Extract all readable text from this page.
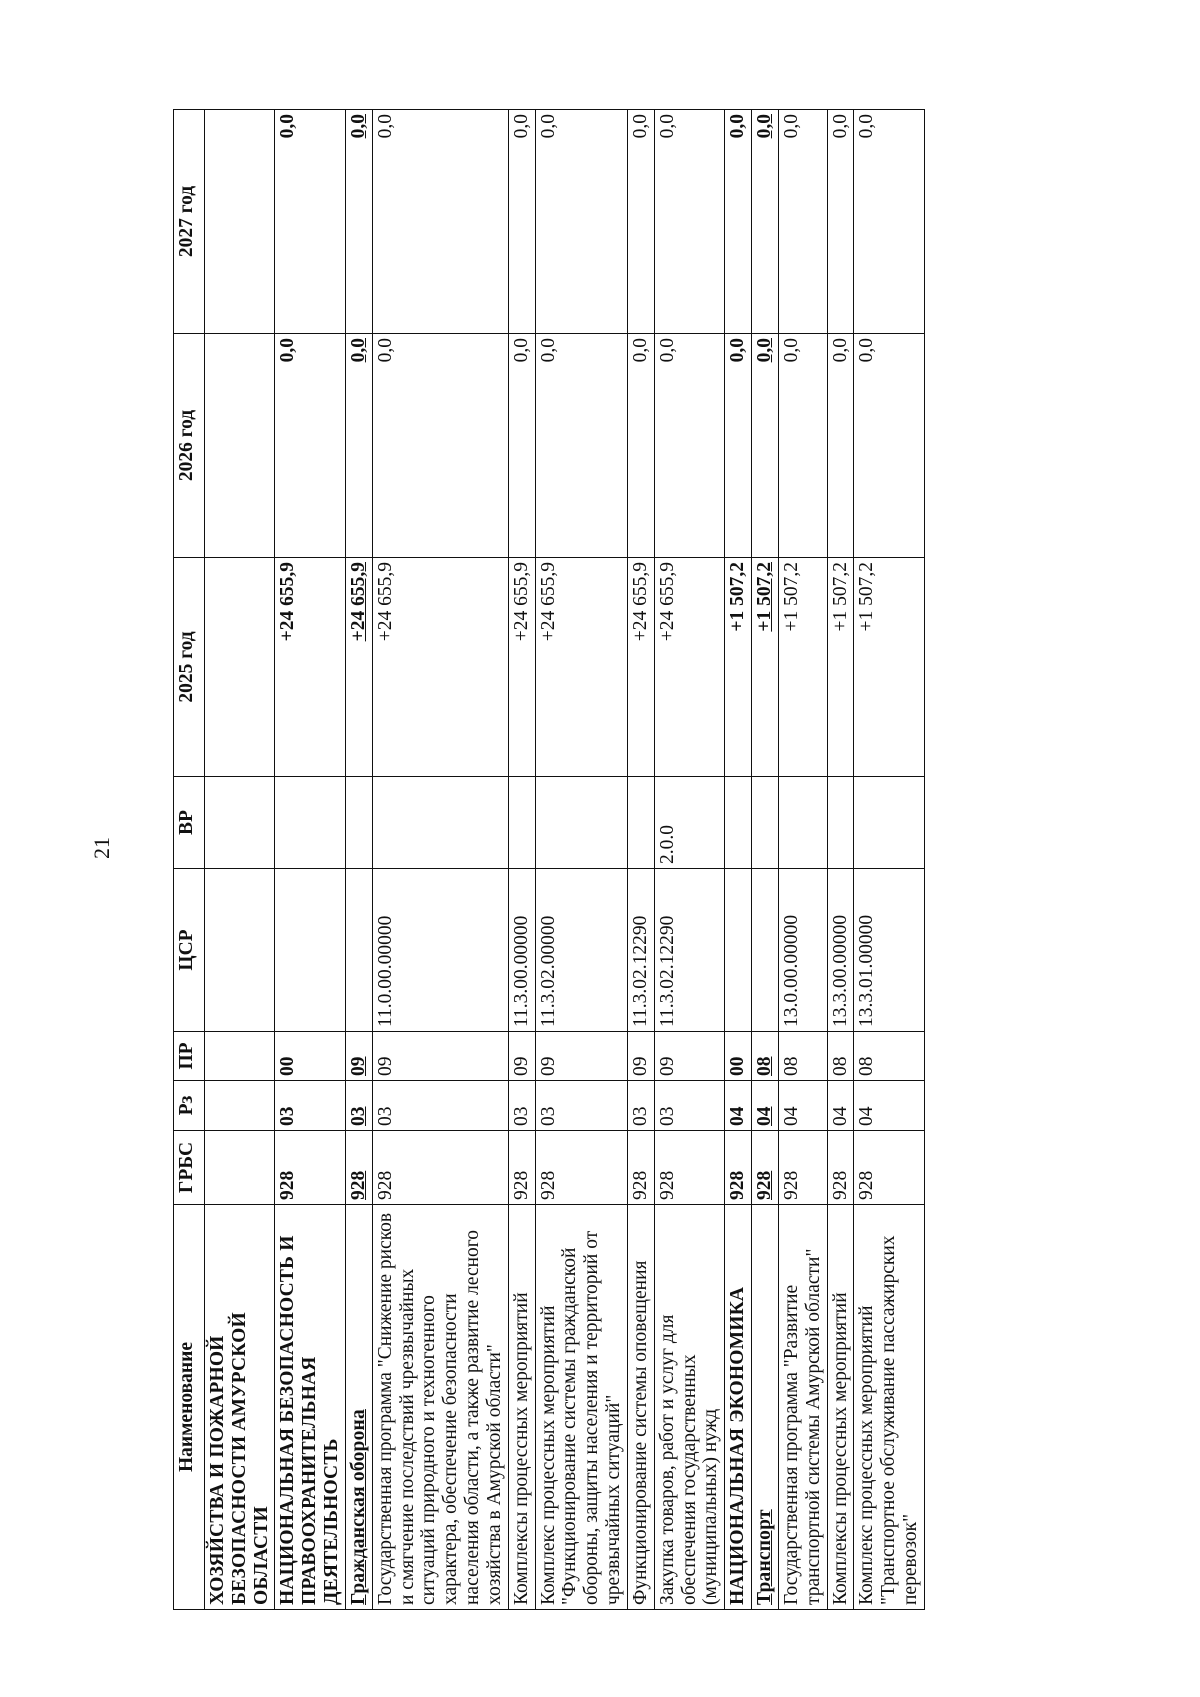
21
Наименование	ГРБС	Рз	ПР	ЦСР	ВР	2025 год	2026 год	2027 год
ХОЗЯЙСТВА И ПОЖАРНОЙ БЕЗОПАСНОСТИ АМУРСКОЙ ОБЛАСТИ								
НАЦИОНАЛЬНАЯ БЕЗОПАСНОСТЬ И ПРАВООХРАНИТЕЛЬНАЯ ДЕЯТЕЛЬНОСТЬ	928	03	00			+24 655,9	0,0	0,0
Гражданская оборона	928	03	09			+24 655,9	0,0	0,0
Государственная программа "Снижение рисков и смягчение последствий чрезвычайных ситуаций природного и техногенного характера, обеспечение безопасности населения области, а также развитие лесного хозяйства в Амурской области"	928	03	09	11.0.00.00000		+24 655,9	0,0	0,0
Комплексы процессных мероприятий	928	03	09	11.3.00.00000		+24 655,9	0,0	0,0
Комплекс процессных мероприятий "Функционирование системы гражданской обороны, защиты населения и территорий от чрезвычайных ситуаций"	928	03	09	11.3.02.00000		+24 655,9	0,0	0,0
Функционирование системы оповещения	928	03	09	11.3.02.12290		+24 655,9	0,0	0,0
Закупка товаров, работ и услуг для обеспечения государственных (муниципальных) нужд	928	03	09	11.3.02.12290	2.0.0	+24 655,9	0,0	0,0
НАЦИОНАЛЬНАЯ ЭКОНОМИКА	928	04	00			+1 507,2	0,0	0,0
Транспорт	928	04	08			+1 507,2	0,0	0,0
Государственная программа "Развитие транспортной системы Амурской области"	928	04	08	13.0.00.00000		+1 507,2	0,0	0,0
Комплексы процессных мероприятий	928	04	08	13.3.00.00000		+1 507,2	0,0	0,0
Комплекс процессных мероприятий "Транспортное обслуживание пассажирских перевозок"	928	04	08	13.3.01.00000		+1 507,2	0,0	0,0
